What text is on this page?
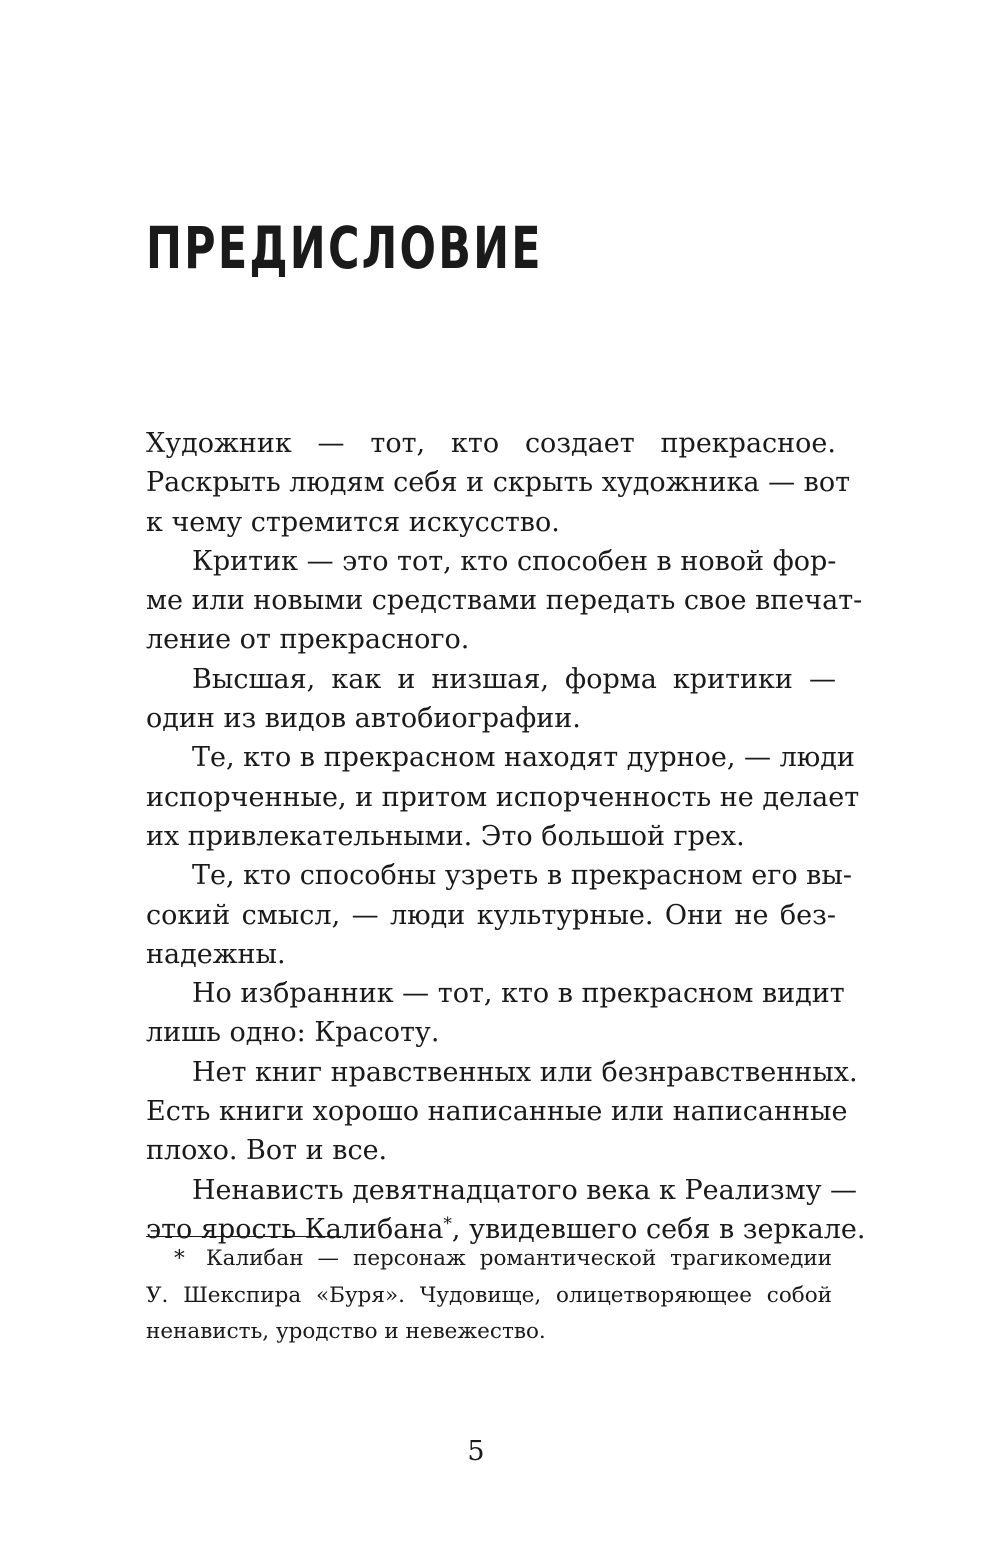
ПРЕДИСЛОВИЕ

Художник — тот, кто создает прекрасное.
Раскрыть людям себя и скрыть художника — вот
к чему стремится искусство.

Критик — это тот, кто способен в новой фор-
ме или новыми средствами передать свое впечат-
ление от прекрасного.

Высшая, как и низшая, форма критики —
один из видов автобиографии.

Те, кто в прекрасном находят дурное, — люди
испорченные, и притом испорченность не делает
их привлекательными. Это большой грех.

Те, кто способны узреть в прекрасном его вы-
сокий смысл, — люди культурные. Они не без-
надежны.

Но избранник — тот, кто в прекрасном видит
лишь одно: Красоту.

Нет книг нравственных или безнравственных.
Есть книги хорошо написанные или написанные
плохо. Вот и все.

Ненависть девятнадцатого века к Реализму —
это ярость Калибана*, увидевшего себя в зеркале.

* Калибан — персонаж романтической трагикомедии
У. Шекспира «Буря». Чудовище, олицетворяющее собой
ненависть, уродство и невежество.
5
